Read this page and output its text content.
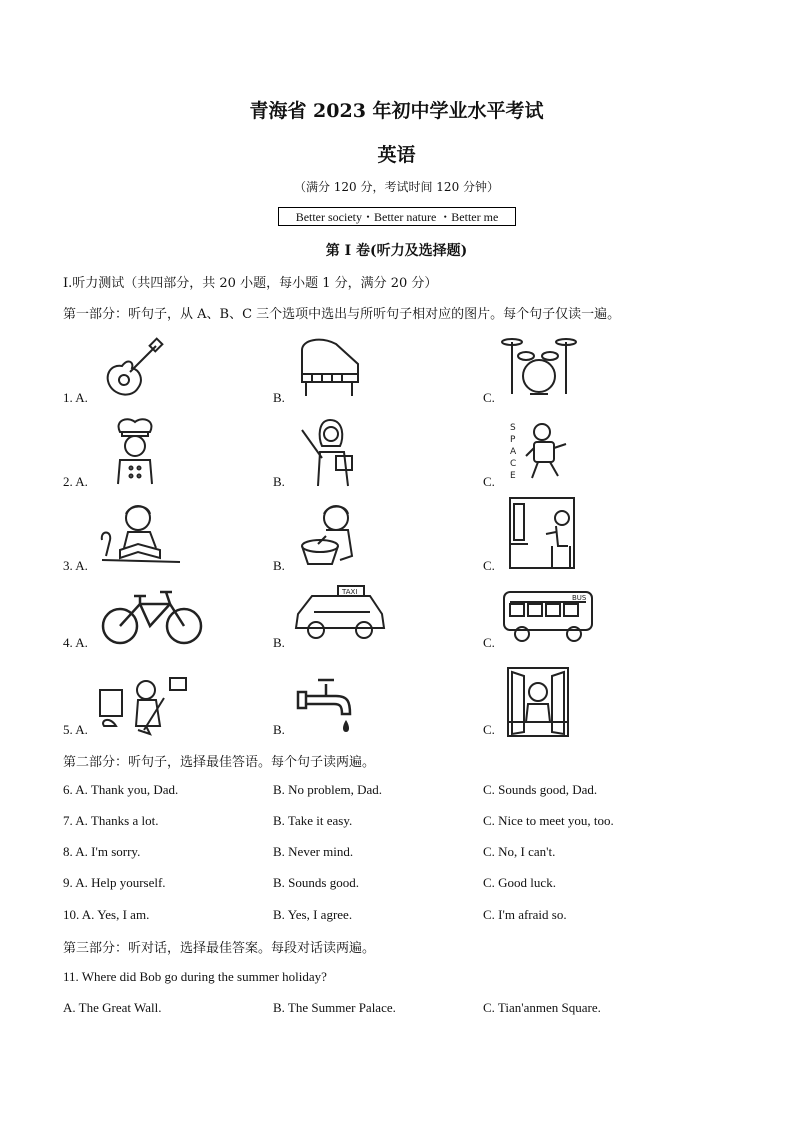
青海省 2023 年初中学业水平考试
英语
（满分 120 分，考试时间 120 分钟）
Better society・Better nature ・Better me
第 I 卷(听力及选择题)
I.听力测试（共四部分，共 20 小题，每小题 1 分，满分 20 分）
第一部分：听句子，从 A、B、C 三个选项中选出与所听句子相对应的图片。每个句子仅读一遍。
1. A.	B.	C.
2. A.	B.	C.
S
P
A
C
E
3. A.	B.	C.
4. A.	B.	C.
TAXI
BUS
5. A.	B.	C.
第二部分：听句子，选择最佳答语。每个句子读两遍。
6. A. Thank you, Dad.	B. No problem, Dad.	C. Sounds good, Dad.
7. A. Thanks a lot.	B. Take it easy.	C. Nice to meet you, too.
8. A. I'm sorry.	B. Never mind.	C. No, I can't.
9. A. Help yourself.	B. Sounds good.	C. Good luck.
10. A. Yes, I am.	B. Yes, I agree.	C. I'm afraid so.
第三部分：听对话，选择最佳答案。每段对话读两遍。
11. Where did Bob go during the summer holiday?
A. The Great Wall.	B. The Summer Palace.	C. Tian'anmen Square.
